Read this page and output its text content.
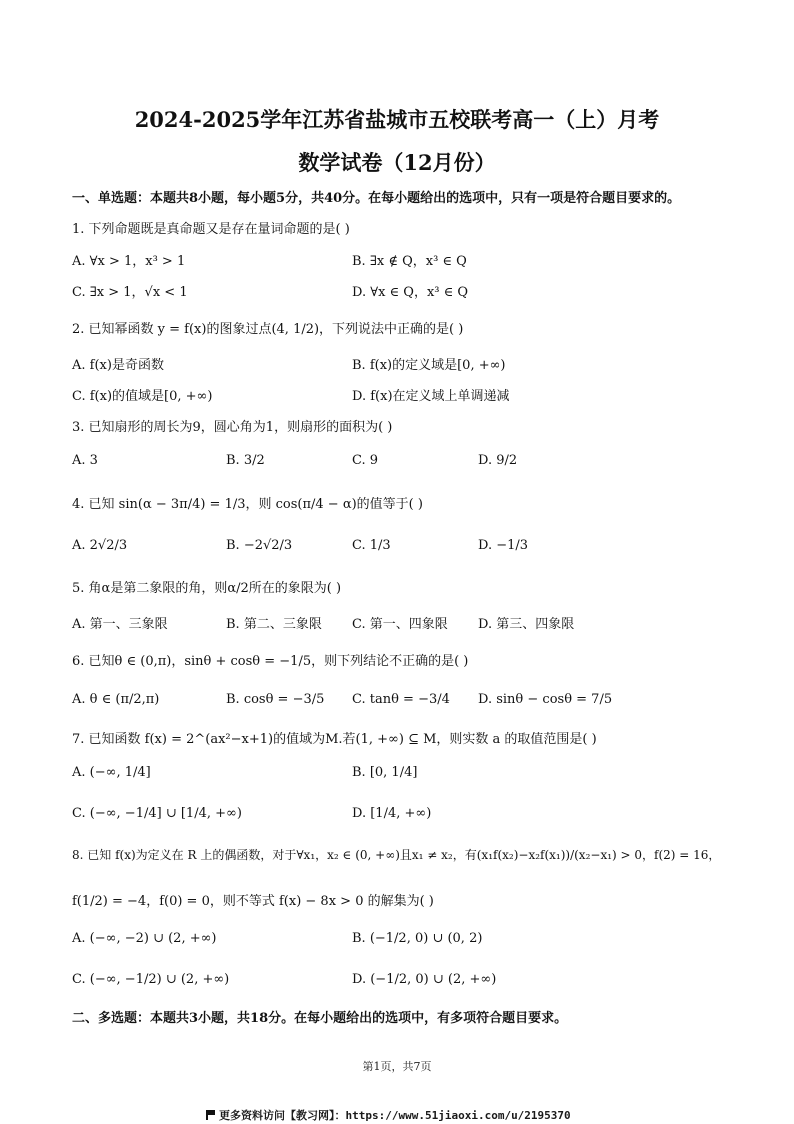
2024-2025学年江苏省盐城市五校联考高一（上）月考
数学试卷（12月份）
一、单选题：本题共8小题，每小题5分，共40分。在每小题给出的选项中，只有一项是符合题目要求的。
1. 下列命题既是真命题又是存在量词命题的是( )
A. ∀x > 1，x³ > 1	B. ∃x ∉ Q，x³ ∈ Q
C. ∃x > 1，√x < 1	D. ∀x ∈ Q，x³ ∈ Q
2. 已知幂函数 y = f(x)的图象过点(4, 1/2)，下列说法中正确的是( )
A. f(x)是奇函数	B. f(x)的定义域是[0, +∞)
C. f(x)的值域是[0, +∞)	D. f(x)在定义域上单调递减
3. 已知扇形的周长为9，圆心角为1，则扇形的面积为( )
A. 3	B. 3/2	C. 9	D. 9/2
4. 已知 sin(α − 3π/4) = 1/3，则 cos(π/4 − α)的值等于( )
A. 2√2/3	B. −2√2/3	C. 1/3	D. −1/3
5. 角α是第二象限的角，则α/2所在的象限为( )
A. 第一、三象限	B. 第二、三象限 C. 第一、四象限 D. 第三、四象限
6. 已知θ ∈ (0,π)，sinθ + cosθ = −1/5，则下列结论不正确的是( )
A. θ ∈ (π/2,π)	B. cosθ = −3/5 C. tanθ = −3/4 D. sinθ − cosθ = 7/5
7. 已知函数 f(x) = 2^(ax²−x+1)的值域为M.若(1, +∞) ⊆ M，则实数 a 的取值范围是( )
A. (−∞, 1/4]	B. [0, 1/4]
C. (−∞, −1/4] ∪ [1/4, +∞)	D. [1/4, +∞)
8. 已知 f(x)为定义在 R 上的偶函数，对于∀x₁，x₂ ∈ (0, +∞)且x₁ ≠ x₂，有(x₁f(x₂)−x₂f(x₁))/(x₂−x₁) > 0，f(2) = 16，
f(1/2) = −4，f(0) = 0，则不等式 f(x) − 8x > 0 的解集为( )
A. (−∞, −2) ∪ (2, +∞)	B. (−1/2, 0) ∪ (0, 2)
C. (−∞, −1/2) ∪ (2, +∞)	D. (−1/2, 0) ∪ (2, +∞)
二、多选题：本题共3小题，共18分。在每小题给出的选项中，有多项符合题目要求。
第1页，共7页
更多资料访问【教习网】：https://www.51jiaoxi.com/u/2195370
